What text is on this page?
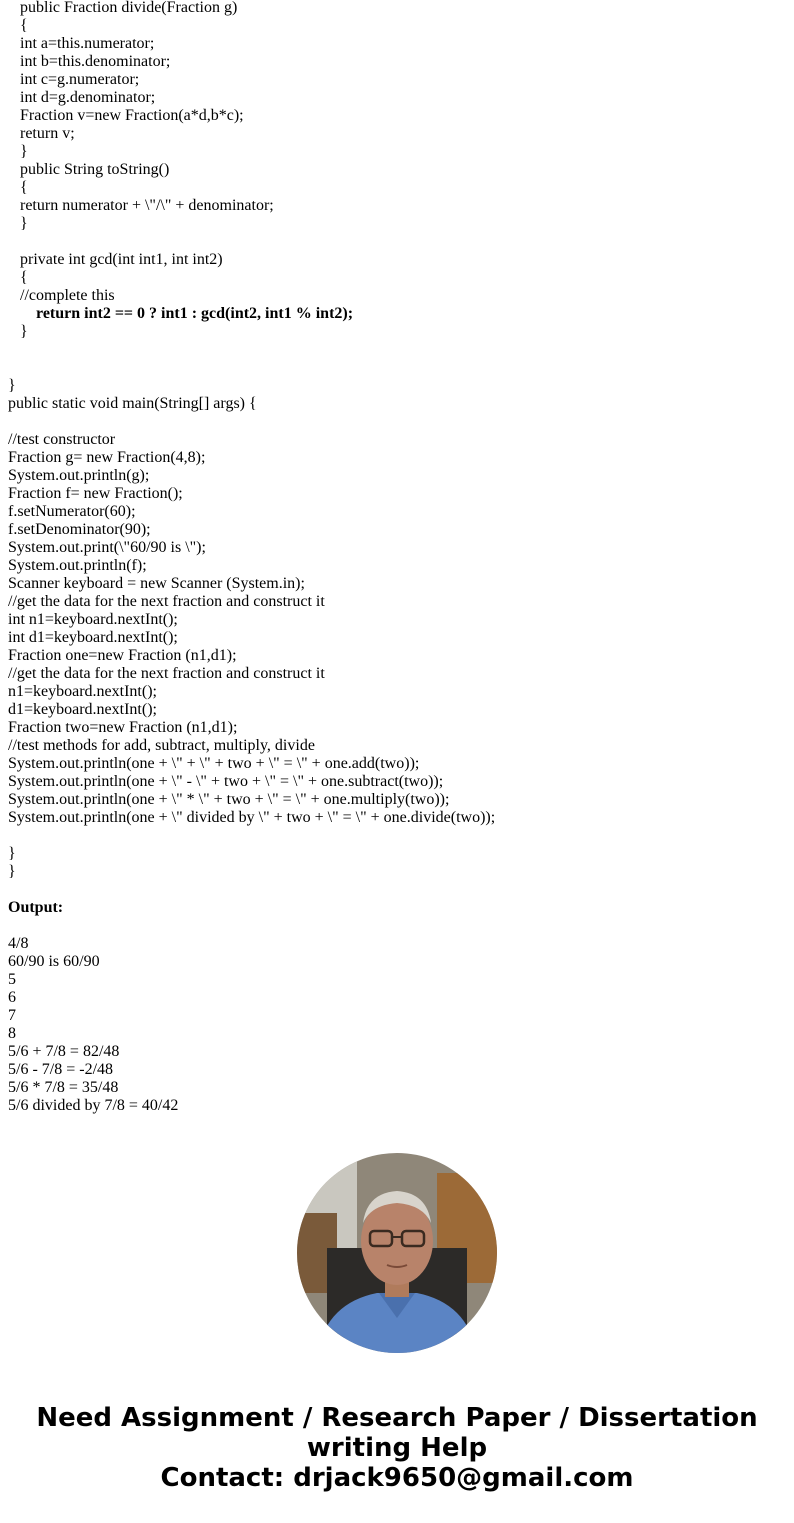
public Fraction divide(Fraction g)
{
int a=this.numerator;
int b=this.denominator;
int c=g.numerator;
int d=g.denominator;
Fraction v=new Fraction(a*d,b*c);
return v;
}
public String toString()
{
return numerator + \"/\" + denominator;
}
private int gcd(int int1, int int2)
{
//complete this
return int2 == 0 ? int1 : gcd(int2, int1 % int2);
}
}
public static void main(String[] args) {
//test constructor
Fraction g= new Fraction(4,8);
System.out.println(g);
Fraction f= new Fraction();
f.setNumerator(60);
f.setDenominator(90);
System.out.print(\"60/90 is \");
System.out.println(f);
Scanner keyboard = new Scanner (System.in);
//get the data for the next fraction and construct it
int n1=keyboard.nextInt();
int d1=keyboard.nextInt();
Fraction one=new Fraction (n1,d1);
//get the data for the next fraction and construct it
n1=keyboard.nextInt();
d1=keyboard.nextInt();
Fraction two=new Fraction (n1,d1);
//test methods for add, subtract, multiply, divide
System.out.println(one + \" + \" + two + \" = \" + one.add(two));
System.out.println(one + \" - \" + two + \" = \" + one.subtract(two));
System.out.println(one + \" * \" + two + \" = \" + one.multiply(two));
System.out.println(one + \" divided by \" + two + \" = \" + one.divide(two));
}
}
Output:
4/8
60/90 is 60/90
5
6
7
8
5/6 + 7/8 = 82/48
5/6 - 7/8 = -2/48
5/6 * 7/8 = 35/48
5/6 divided by 7/8 = 40/42
Need Assignment / Research Paper / Dissertation
writing Help
Contact: drjack9650@gmail.com
